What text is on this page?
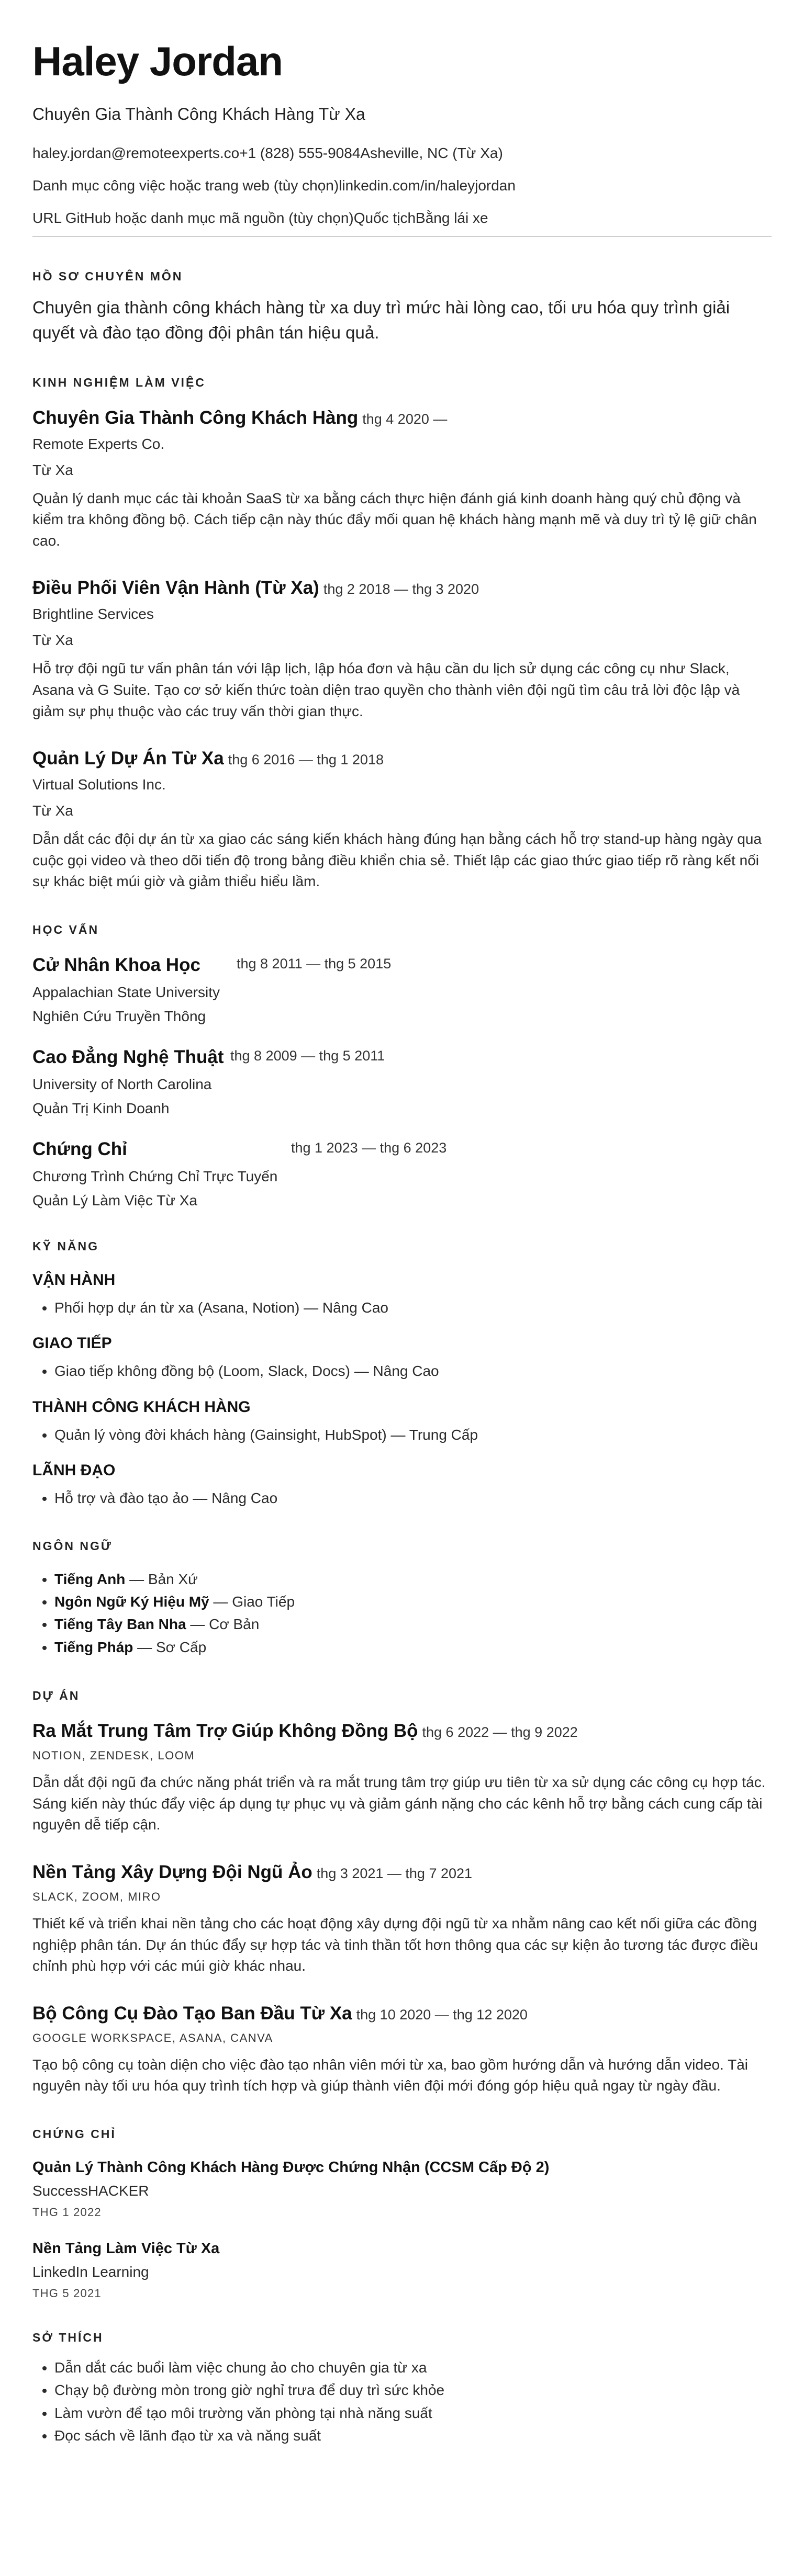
Haley Jordan
Chuyên Gia Thành Công Khách Hàng Từ Xa
haley.jordan@remoteexperts.co+1 (828) 555-9084Asheville, NC (Từ Xa)
Danh mục công việc hoặc trang web (tùy chọn)linkedin.com/in/haleyjordan
URL GitHub hoặc danh mục mã nguồn (tùy chọn)Quốc tịchBằng lái xe
HỒ SƠ CHUYÊN MÔN
Chuyên gia thành công khách hàng từ xa duy trì mức hài lòng cao, tối ưu hóa quy trình giải quyết và đào tạo đồng đội phân tán hiệu quả.
KINH NGHIỆM LÀM VIỆC
Chuyên Gia Thành Công Khách Hàng thg 4 2020 —
Remote Experts Co.
Từ Xa
Quản lý danh mục các tài khoản SaaS từ xa bằng cách thực hiện đánh giá kinh doanh hàng quý chủ động và kiểm tra không đồng bộ. Cách tiếp cận này thúc đẩy mối quan hệ khách hàng mạnh mẽ và duy trì tỷ lệ giữ chân cao.
Điều Phối Viên Vận Hành (Từ Xa) thg 2 2018 — thg 3 2020
Brightline Services
Từ Xa
Hỗ trợ đội ngũ tư vấn phân tán với lập lịch, lập hóa đơn và hậu cần du lịch sử dụng các công cụ như Slack, Asana và G Suite. Tạo cơ sở kiến thức toàn diện trao quyền cho thành viên đội ngũ tìm câu trả lời độc lập và giảm sự phụ thuộc vào các truy vấn thời gian thực.
Quản Lý Dự Án Từ Xa thg 6 2016 — thg 1 2018
Virtual Solutions Inc.
Từ Xa
Dẫn dắt các đội dự án từ xa giao các sáng kiến khách hàng đúng hạn bằng cách hỗ trợ stand-up hàng ngày qua cuộc gọi video và theo dõi tiến độ trong bảng điều khiển chia sẻ. Thiết lập các giao thức giao tiếp rõ ràng kết nối sự khác biệt múi giờ và giảm thiểu hiểu lầm.
HỌC VẤN
Cử Nhân Khoa Học	thg 8 2011 — thg 5 2015
Appalachian State University
Nghiên Cứu Truyền Thông
Cao Đẳng Nghệ Thuật thg 8 2009 — thg 5 2011
University of North Carolina
Quản Trị Kinh Doanh
Chứng Chỉ	thg 1 2023 — thg 6 2023
Chương Trình Chứng Chỉ Trực Tuyến
Quản Lý Làm Việc Từ Xa
KỸ NĂNG
VẬN HÀNH
• Phối hợp dự án từ xa (Asana, Notion) — Nâng Cao
GIAO TIẾP
• Giao tiếp không đồng bộ (Loom, Slack, Docs) — Nâng Cao
THÀNH CÔNG KHÁCH HÀNG
• Quản lý vòng đời khách hàng (Gainsight, HubSpot) — Trung Cấp
LÃNH ĐẠO
• Hỗ trợ và đào tạo ảo — Nâng Cao
NGÔN NGỮ
• Tiếng Anh — Bản Xứ
• Ngôn Ngữ Ký Hiệu Mỹ — Giao Tiếp
• Tiếng Tây Ban Nha — Cơ Bản
• Tiếng Pháp — Sơ Cấp
DỰ ÁN
Ra Mắt Trung Tâm Trợ Giúp Không Đồng Bộ thg 6 2022 — thg 9 2022
NOTION, ZENDESK, LOOM
Dẫn dắt đội ngũ đa chức năng phát triển và ra mắt trung tâm trợ giúp ưu tiên từ xa sử dụng các công cụ hợp tác. Sáng kiến này thúc đẩy việc áp dụng tự phục vụ và giảm gánh nặng cho các kênh hỗ trợ bằng cách cung cấp tài nguyên dễ tiếp cận.
Nền Tảng Xây Dựng Đội Ngũ Ảo thg 3 2021 — thg 7 2021
SLACK, ZOOM, MIRO
Thiết kế và triển khai nền tảng cho các hoạt động xây dựng đội ngũ từ xa nhằm nâng cao kết nối giữa các đồng nghiệp phân tán. Dự án thúc đẩy sự hợp tác và tinh thần tốt hơn thông qua các sự kiện ảo tương tác được điều chỉnh phù hợp với các múi giờ khác nhau.
Bộ Công Cụ Đào Tạo Ban Đầu Từ Xa thg 10 2020 — thg 12 2020
GOOGLE WORKSPACE, ASANA, CANVA
Tạo bộ công cụ toàn diện cho việc đào tạo nhân viên mới từ xa, bao gồm hướng dẫn và hướng dẫn video. Tài nguyên này tối ưu hóa quy trình tích hợp và giúp thành viên đội mới đóng góp hiệu quả ngay từ ngày đầu.
CHỨNG CHỈ
Quản Lý Thành Công Khách Hàng Được Chứng Nhận (CCSM Cấp Độ 2)
SuccessHACKER
THG 1 2022
Nền Tảng Làm Việc Từ Xa
LinkedIn Learning
THG 5 2021
SỞ THÍCH
• Dẫn dắt các buổi làm việc chung ảo cho chuyên gia từ xa
• Chạy bộ đường mòn trong giờ nghỉ trưa để duy trì sức khỏe
• Làm vườn để tạo môi trường văn phòng tại nhà năng suất
• Đọc sách về lãnh đạo từ xa và năng suất
